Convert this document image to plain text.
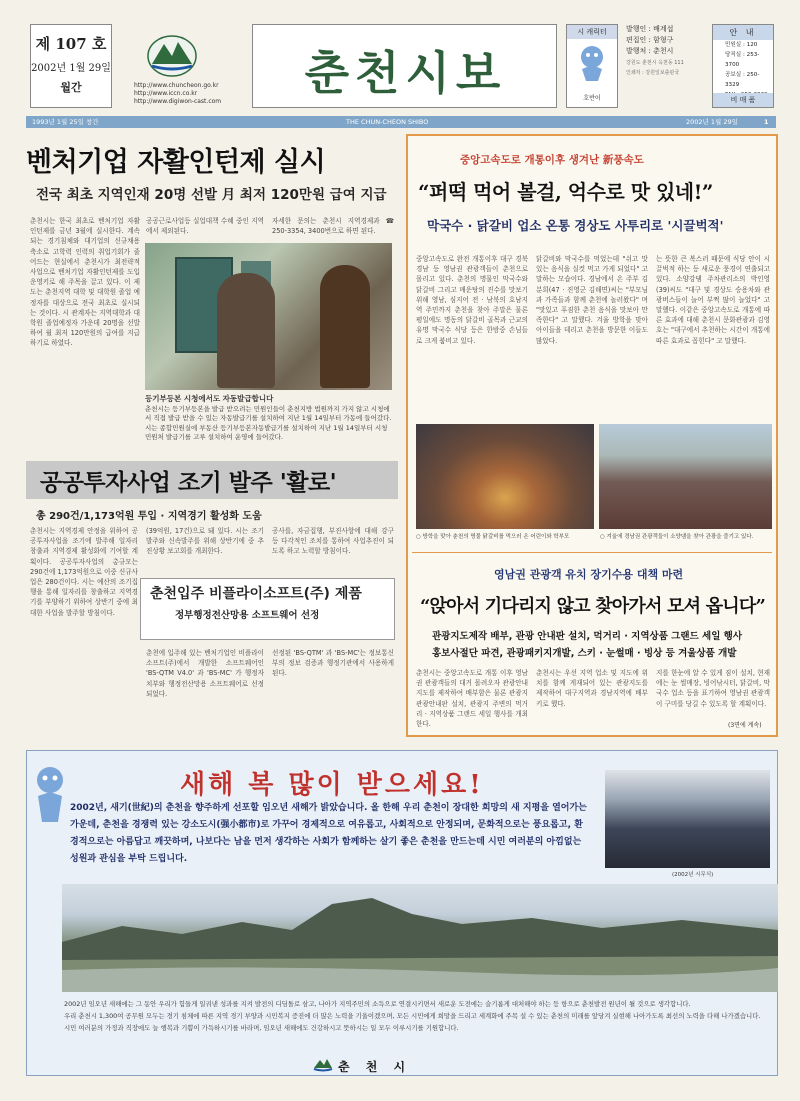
제 107 호
2002년 1월 29일
월간	http://www.chuncheon.go.kr
http://www.iccn.co.kr
http://www.digiwon-cast.com
춘천시보
시 캐릭터
호반이
발행인 : 배계섭
편집인 : 함형구
발행처 : 춘천시
강원도 춘천시 옥천동 111
인쇄처 : 강원일보출판국
안 내
민원실 : 120
당직실 : 253-3700
공보실 : 250-3329
비 매 품
1993년 1월 25일 창간	THE CHUN-CHEON SHIBO	2002년 1월 29일	1
벤처기업 자활인턴제 실시
전국 최초 지역인재 20명 선발 月 최저 120만원 급여 지급
춘천시는 한국 최초로 벤처기업 자활인턴제를 금년 3월에 실시한다. 계속되는 경기침체와 대기업의 신규채용 축소로 고학력 인력의 취업기회가 줄어드는 현실에서 춘천시가 최전략적 사업으로 벤처기업 자활인턴제를 도입 운영키로 해 주목을 끌고 있다. 이 제도는 춘천지역 대학 및 대학원 졸업 예정자를 대상으로 전국 최초로 실시되는 것이다. 시 관계자는 지역대학과 대학원 졸업예정자 가운데 20명을 선발하여 월 최저 120만원의 급여를 지급하기로 하였다.
공공근로사업등 실업대책 수혜 중인 지역에서 제외된다.
자세한 문의는 춘천시 지역경제과 ☎ 250-3354, 3400번으로 하면 된다.
등기부등본 시청에서도 자동발급합니다
춘천시는 등기부등본을 발급 받으려는 민원인들이 춘천지방 법원까지 가지 않고 시청에서 직접 발급 받을 수 있는 자동발급기를 설치하여 지난 1월 14일부터 가동에 들어갔다. 시는 종합민원실에 부동산 등기부등본자동발급기를 설치하여 지난 1월 14일부터 시청민원처 발급기를 고루 설치하여 운영에 들어갔다.
공공투자사업 조기 발주 '활로'
총 290건/1,173억원 투입 · 지역경기 활성화 도움
춘천시는 지역경제 안정을 위하여 공공투자사업을 조기에 발주해 일자리 창출과 지역경제 활성화에 기여할 계획이다. 공공투자사업의 총규모는 290건에 1,173억원으로 이중 신규사업은 280건이다. 시는 예산의 조기집행을 통해 일자리를 창출하고 지역경기를 부양하기 위하여 상반기 중에 최대한 사업을 발주할 방침이다.
(39억원, 17건)으로 돼 있다. 시는 조기발주와 신속발주를 위해 상반기에 중 추진상황 보고회를 개최한다.
공사를, 자금집행, 부진사항에 대해 강구 등 다각적인 조치를 통하여 사업추진이 되도록 하고 노력할 방침이다.
춘천입주 비플라이소프트(주) 제품
정부행정전산망용 소프트웨어 선정
춘천에 입주해 있는 벤처기업인 비플라이소프트(주)에서 개발한 소프트웨어인 'BS-QTM V4.0' 과 'BS-MC' 가 행정자치부와 행정전산망용 소프트웨어로 선정되었다.
선정된 'BS-QTM' 과 'BS-MC'는 정보통신부의 정보 검증과 행정기관에서 사용하게 된다.
중앙고속도로 개통이후 생겨난 新풍속도
“퍼떡 먹어 볼걸, 억수로 맛 있네!”
막국수 · 닭갈비 업소 온통 경상도 사투리로 '시끌벅적'
중앙고속도로 완전 개통이후 대구 경북 경남 등 영남권 관광객들이 춘천으로 몰리고 있다. 춘천의 명물인 막국수와 닭갈비 그리고 매운탕의 진수를 맛보기 위해 영남, 심지어 전 · 남북의 호남지역 주민까지 춘천을 찾아 주말은 물론 평일에도 명동의 닭갈비 골목과 근교의 유명 막국수 식당 등은 한밤중 손님들로 크게 붐비고 있다.
닭갈비와 막국수를 먹었는데 "쉬고 맛 있는 음식을 실컷 먹고 가게 되었다" 고 말하는 모습이다. 경남에서 온 주부 김분희(47 · 진영군 김해면)씨는 "부모님과 가족들과 함께 춘천에 놀러왔다" 며 "맛있고 푸짐한 춘천 음식을 맛보아 만족한다" 고 말했다. 겨울 방학을 맞아 아이들을 데리고 춘천을 방문한 이들도 많았다.
는 뜻한 큰 복스러 때문에 식당 안이 시끌벅적 하는 등 새로운 풍경이 연출되고 있다. 소양강댐 주차관리소의 박인영(39)씨도 "대구 및 경상도 승용차와 관광버스들이 늘어 부쩍 많이 늘었다" 고 말했다. 이같은 중앙고속도로 개통에 따른 효과에 대해 춘천시 문화관광과 김영호는 "대구에서 추천하는 시간이 개통에 따른 효과로 꼽힌다" 고 말했다.
○ 방학을 맞아 춘천의 명물 닭갈비를 먹으러 온 어린이와 학부모	○ 겨울에 경남권 관광객들이 소양댐을 찾아 관광을 즐기고 있다.
영남권 관광객 유치 장기수용 대책 마련
“앉아서 기다리지 않고 찾아가서 모셔 옵니다”
관광지도제작 배부, 관광 안내판 설치, 먹거리 · 지역상품 그랜드 세일 행사
홍보사절단 파견, 관광패키지개발, 스키 · 눈썰매 · 빙상 등 겨울상품 개발
춘천시는 중앙고속도로 개통 이후 영남권 관광객들의 대거 몰려오자 관광안내지도를 제작하여 배부함은 물론 관광지 관광안내판 설치, 관광지 주변의 먹거리 · 지역상품 그랜드 세일 행사를 개최한다.
춘천시는 우선 지역 업소 및 지도에 위치를 함께 게재되어 있는 관광지도를 제작하여 대구지역과 경남지역에 배부키로 했다.
지를 한눈에 알 수 있게 짐이 설치, 현재에는 눈 썰매장, 빙어낚시터, 닭갈비, 막국수 업소 등을 표기하여 영남권 관광객이 구미를 당길 수 있도록 할 계획이다.
(3면에 계속)
새해 복 많이 받으세요!
2002년, 새기(世紀)의 춘천을 향주하게 선포할 임오년 새해가 밝았습니다. 올 한해 우리 춘천이 장대한 희망의 새 지평을 열어가는 가운데, 춘천을 경쟁력 있는 강소도시(强小都市)로 가꾸어 경제적으로 여유롭고, 사회적으로 안정되며, 문화적으로는 풍요롭고, 환경적으로는 아름답고 깨끗하며, 나보다는 남을 먼저 생각하는 사회가 함께하는 살기 좋은 춘천을 만드는데 시민 여러분의 아낌없는 성원과 관심을 부탁 드립니다.
(2002년 시무식)
2002년 임오년 새해에는 그 동안 우리가 힘들게 일궈낸 성과를 지켜 발전의 디딤돌로 삼고, 나아가 지역주민의 소득으로 연결시키면서 새로운 도전에는 슬기롭게 대처해야 하는 등 항으로 춘천발전 원년이 될 것으로 생각합니다.
우리 춘천시 1,300여 공무원 모두는 경기 침체에 따른 지역 경기 부양과 시민복지 증진에 더 많은 노력을 기울이겠으며, 모든 시민에게 희망을 드리고 세계화에 주목 설 수 있는 춘천의 미래를 앞당겨 실현해 나아가도록 최선의 노력을 다해 나가겠습니다.
시민 여러분의 가정과 직장에도 늘 행복과 기쁨이 가득하시기를 바라며, 임오년 새해에도 건강하시고 뜻하시는 일 모두 이루시기를 기원합니다.
춘 천 시
